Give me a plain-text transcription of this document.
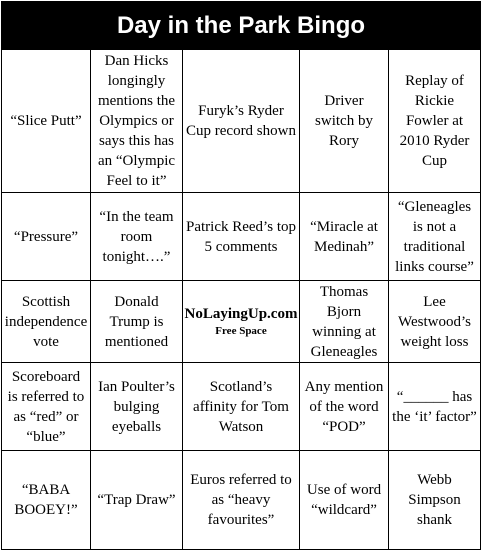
Day in the Park Bingo
“Slice Putt”
Dan Hicks longingly mentions the Olympics or says this has an “Olympic Feel to it”
Furyk’s Ryder Cup record shown
Driver switch by Rory
Replay of Rickie Fowler at 2010 Ryder Cup
“Pressure”
“In the team room tonight….”
Patrick Reed’s top 5 comments
“Miracle at Medinah”
“Gleneagles is not a traditional links course”
Scottish independence vote
Donald Trump is mentioned
NoLayingUp.com
Free Space
Thomas Bjorn winning at Gleneagles
Lee Westwood’s weight loss
Scoreboard is referred to as “red” or “blue”
Ian Poulter’s bulging eyeballs
Scotland’s affinity for Tom Watson
Any mention of the word “POD”
“______ has the ‘it’ factor”
“BABA BOOEY!”
“Trap Draw”
Euros referred to as “heavy favourites”
Use of word “wildcard”
Webb Simpson shank
